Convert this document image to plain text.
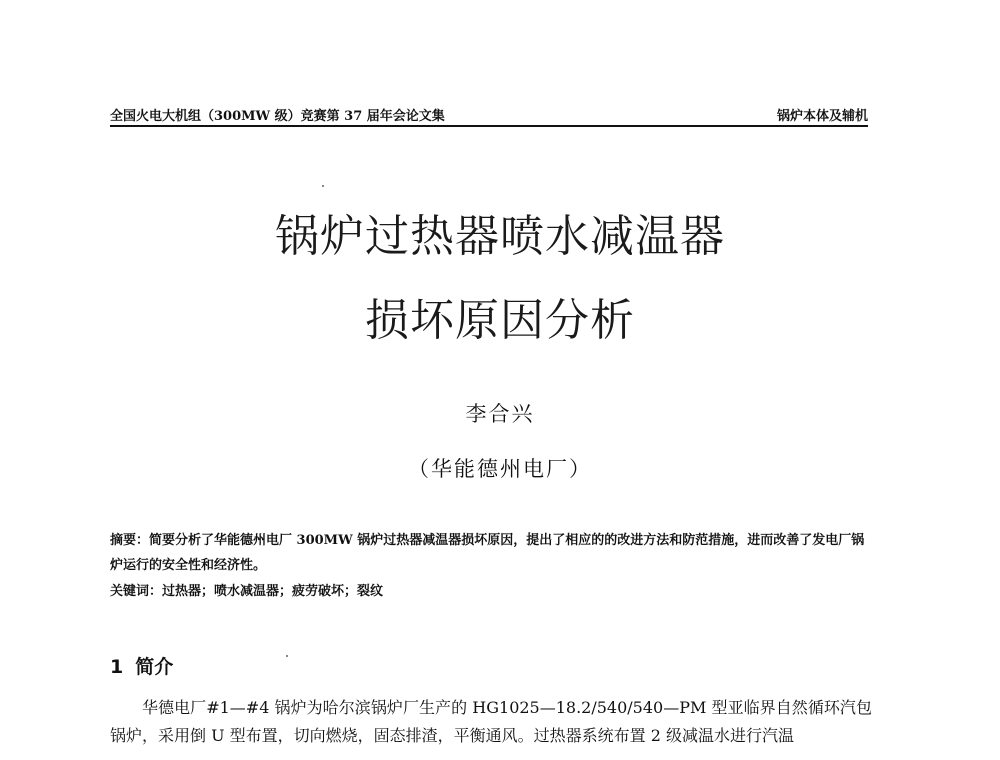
全国火电大机组（300MW 级）竞赛第 37 届年会论文集	锅炉本体及辅机
锅炉过热器喷水减温器
损坏原因分析
李合兴
（华能德州电厂）
摘要：简要分析了华能德州电厂 300MW 锅炉过热器减温器损坏原因，提出了相应的的改进方法和防范措施，进而改善了发电厂锅炉运行的安全性和经济性。
关键词：过热器；喷水减温器；疲劳破坏；裂纹
1 简介
华德电厂#1—#4 锅炉为哈尔滨锅炉厂生产的 HG1025—18.2/540/540—PM 型亚临界自然循环汽包锅炉，采用倒 U 型布置，切向燃烧，固态排渣，平衡通风。过热器系统布置 2 级减温水进行汽温
